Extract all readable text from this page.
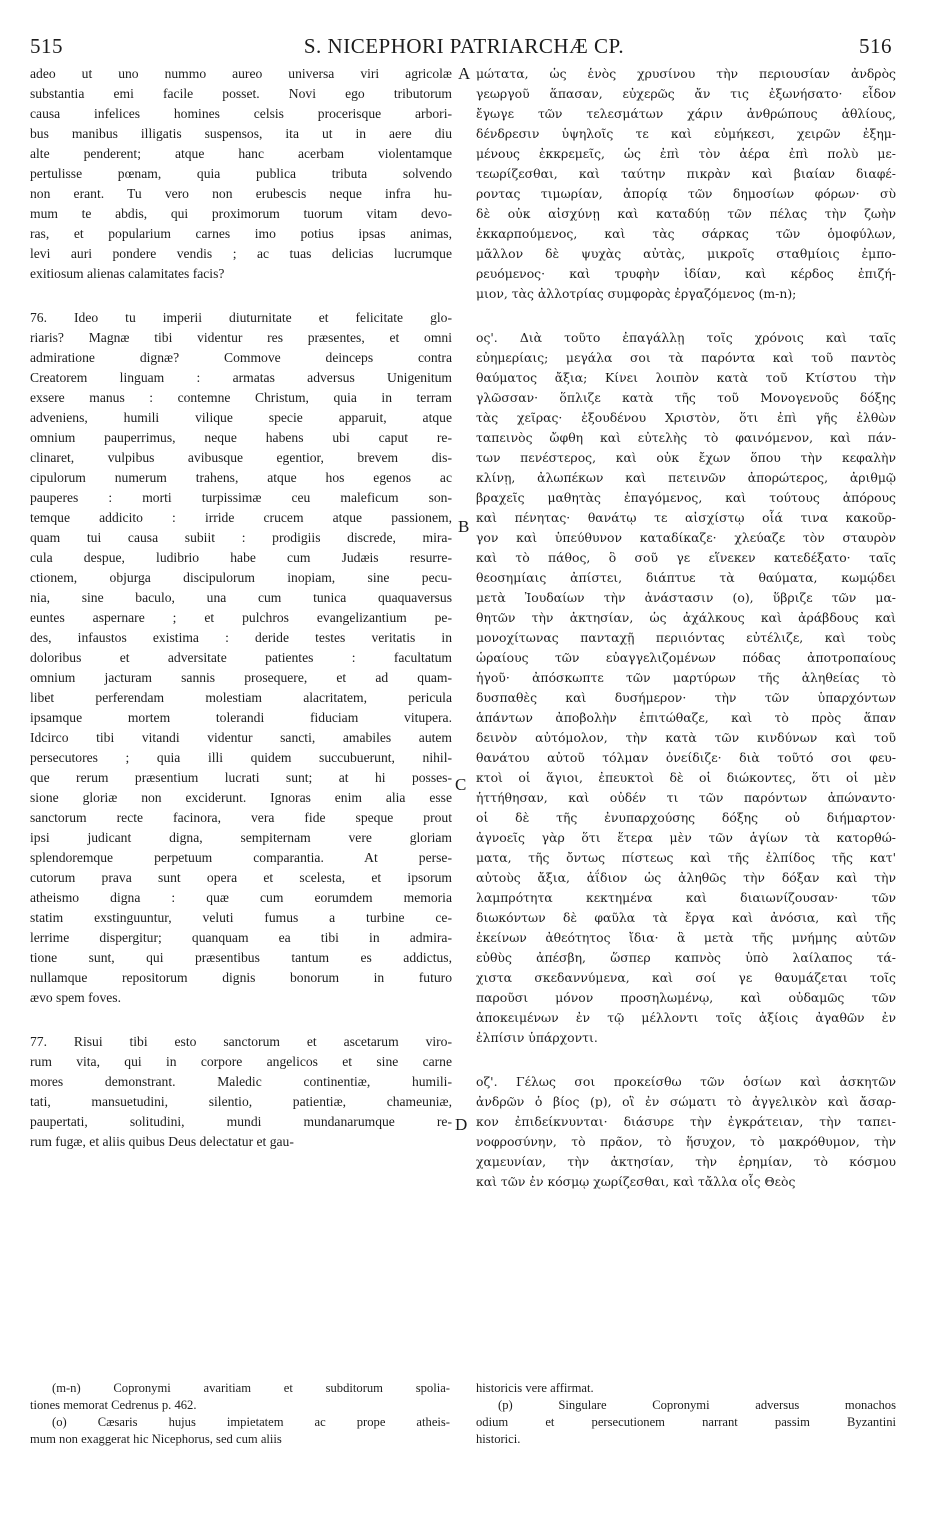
515	S. NICEPHORI PATRIARCHÆ CP.	516
A
B
C
D
adeo ut uno nummo aureo universa viri agricolæ
substantia emi facile posset. Novi ego tributorum
causa infelices homines celsis procerisque arbori-
bus manibus illigatis suspensos, ita ut in aere diu
alte penderent; atque hanc acerbam violentamque
pertulisse pœnam, quia publica tributa solvendo
non erant. Tu vero non erubescis neque infra hu-
mum te abdis, qui proximorum tuorum vitam devo-
ras, et popularium carnes imo potius ipsas animas,
levi auri pondere vendis ; ac tuas delicias lucrumque
exitiosum alienas calamitates facis?
76. Ideo tu imperii diuturnitate et felicitate glo-
riaris? Magnæ tibi videntur res præsentes, et omni
admiratione dignæ? Commove deinceps contra
Creatorem linguam : armatas adversus Unigenitum
exsere manus : contemne Christum, quia in terram
adveniens, humili vilique specie apparuit, atque
omnium pauperrimus, neque habens ubi caput re-
clinaret, vulpibus avibusque egentior, brevem dis-
cipulorum numerum trahens, atque hos egenos ac
pauperes : morti turpissimæ ceu maleficum son-
temque addicito : irride crucem atque passionem,
quam tui causa subiit : prodigiis discrede, mira-
cula despue, ludibrio habe cum Judæis resurre-
ctionem, objurga discipulorum inopiam, sine pecu-
nia, sine baculo, una cum tunica quaquaversus
euntes aspernare ; et pulchros evangelizantium pe-
des, infaustos existima : deride testes veritatis in
doloribus et adversitate patientes : facultatum
omnium jacturam sannis prosequere, et ad quam-
libet perferendam molestiam alacritatem, pericula
ipsamque mortem tolerandi fiduciam vitupera.
Idcirco tibi vitandi videntur sancti, amabiles autem
persecutores ; quia illi quidem succubuerunt, nihil-
que rerum præsentium lucrati sunt; at hi posses-
sione gloriæ non exciderunt. Ignoras enim alia esse
sanctorum recte facinora, vera fide speque prout
ipsi judicant digna, sempiternam vere gloriam
splendoremque perpetuum comparantia. At perse-
cutorum prava sunt opera et scelesta, et ipsorum
atheismo digna : quæ cum eorumdem memoria
statim exstinguuntur, veluti fumus a turbine ce-
lerrime dispergitur; quanquam ea tibi in admira-
tione sunt, qui præsentibus tantum es addictus,
nullamque repositorum dignis bonorum in futuro
ævo spem foves.
77. Risui tibi esto sanctorum et ascetarum viro-
rum vita, qui in corpore angelicos et sine carne
mores demonstrant. Maledic continentiæ, humili-
tati, mansuetudini, silentio, patientiæ, chameuniæ,
paupertati, solitudini, mundi mundanarumque re-
rum fugæ, et aliis quibus Deus delectatur et gau-
μώτατα, ὡς ἑνὸς χρυσίνου τὴν περιουσίαν ἀνδρὸς
γεωργοῦ ἅπασαν, εὐχερῶς ἄν τις ἐξωνήσατο· εἶδον
ἔγωγε τῶν τελεσμάτων χάριν ἀνθρώπους ἀθλίους,
δένδρεσιν ὑψηλοῖς τε καὶ εὐμήκεσι, χειρῶν ἐξημ-
μένους ἐκκρεμεῖς, ὡς ἐπὶ τὸν ἀέρα ἐπὶ πολὺ με-
τεωρίζεσθαι, καὶ ταύτην πικρὰν καὶ βιαίαν διαφέ-
ροντας τιμωρίαν, ἀπορίᾳ τῶν δημοσίων φόρων· σὺ
δὲ οὐκ αἰσχύνῃ καὶ καταδύῃ τῶν πέλας τὴν ζωὴν
ἐκκαρπούμενος, καὶ τὰς σάρκας τῶν ὁμοφύλων,
μᾶλλον δὲ ψυχὰς αὐτὰς, μικροῖς σταθμίοις ἐμπο-
ρευόμενος· καὶ τρυφὴν ἰδίαν, καὶ κέρδος ἐπιζή-
μιον, τὰς ἀλλοτρίας συμφορὰς ἐργαζόμενος (m-n);
ος'. Διὰ τοῦτο ἐπαγάλλῃ τοῖς χρόνοις καὶ ταῖς
εὐημερίαις; μεγάλα σοι τὰ παρόντα καὶ τοῦ παντὸς
θαύματος ἄξια; Κίνει λοιπὸν κατὰ τοῦ Κτίστου τὴν
γλῶσσαν· ὅπλιζε κατὰ τῆς τοῦ Μονογενοῦς δόξης
τὰς χεῖρας· ἐξουδένου Χριστὸν, ὅτι ἐπὶ γῆς ἐλθὼν
ταπεινὸς ὤφθη καὶ εὐτελὴς τὸ φαινόμενον, καὶ πάν-
των πενέστερος, καὶ οὐκ ἔχων ὅπου τὴν κεφαλὴν
κλίνῃ, ἀλωπέκων καὶ πετεινῶν ἀπορώτερος, ἀριθμῷ
βραχεῖς μαθητὰς ἐπαγόμενος, καὶ τούτους ἀπόρους
καὶ πένητας· θανάτῳ τε αἰσχίστῳ οἷά τινα κακοῦρ-
γον καὶ ὑπεύθυνον καταδίκαζε· χλεύαζε τὸν σταυρὸν
καὶ τὸ πάθος, ὃ σοῦ γε εἵνεκεν κατεδέξατο· ταῖς
θεοσημίαις ἀπίστει, διάπτυε τὰ θαύματα, κωμῴδει
μετὰ Ἰουδαίων τὴν ἀνάστασιν (o), ὕβριζε τῶν μα-
θητῶν τὴν ἀκτησίαν, ὡς ἀχάλκους καὶ ἀράβδους καὶ
μονοχίτωνας πανταχῇ περιιόντας εὐτέλιζε, καὶ τοὺς
ὡραίους τῶν εὐαγγελιζομένων πόδας ἀποτροπαίους
ἡγοῦ· ἀπόσκωπτε τῶν μαρτύρων τῆς ἀληθείας τὸ
δυσπαθὲς καὶ δυσήμερον· τὴν τῶν ὑπαρχόντων
ἁπάντων ἀποβολὴν ἐπιτώθαζε, καὶ τὸ πρὸς ἅπαν
δεινὸν αὐτόμολον, τὴν κατὰ τῶν κινδύνων καὶ τοῦ
θανάτου αὐτοῦ τόλμαν ὀνείδιζε· διὰ τοῦτό σοι φευ-
κτοὶ οἱ ἅγιοι, ἐπευκτοὶ δὲ οἱ διώκοντες, ὅτι οἱ μὲν
ἡττήθησαν, καὶ οὐδέν τι τῶν παρόντων ἀπώναντο·
οἱ δὲ τῆς ἐνυπαρχούσης δόξης οὐ διήμαρτον·
ἀγνοεῖς γὰρ ὅτι ἕτερα μὲν τῶν ἁγίων τὰ κατορθώ-
ματα, τῆς ὄντως πίστεως καὶ τῆς ἐλπίδος τῆς κατ'
αὐτοὺς ἄξια, ἀΐδιον ὡς ἀληθῶς τὴν δόξαν καὶ τὴν
λαμπρότητα κεκτημένα καὶ διαιωνίζουσαν· τῶν
διωκόντων δὲ φαῦλα τὰ ἔργα καὶ ἀνόσια, καὶ τῆς
ἐκείνων ἀθεότητος ἴδια· ἃ μετὰ τῆς μνήμης αὐτῶν
εὐθὺς ἀπέσβη, ὥσπερ καπνὸς ὑπὸ λαίλαπος τά-
χιστα σκεδαννύμενα, καὶ σοί γε θαυμάζεται τοῖς
παροῦσι μόνον προσηλωμένῳ, καὶ οὐδαμῶς τῶν
ἀποκειμένων ἐν τῷ μέλλοντι τοῖς ἀξίοις ἀγαθῶν ἐν
ἐλπίσιν ὑπάρχοντι.
οζ'. Γέλως σοι προκείσθω τῶν ὁσίων καὶ ἀσκητῶν
ἀνδρῶν ὁ βίος (p), οἳ ἐν σώματι τὸ ἀγγελικὸν καὶ ἄσαρ-
κον ἐπιδείκνυνται· διάσυρε τὴν ἐγκράτειαν, τὴν ταπει-
νοφροσύνην, τὸ πρᾶον, τὸ ἥσυχον, τὸ μακρόθυμον, τὴν
χαμευνίαν, τὴν ἀκτησίαν, τὴν ἐρημίαν, τὸ κόσμου
καὶ τῶν ἐν κόσμῳ χωρίζεσθαι, καὶ τἄλλα οἷς Θεὸς
(m-n) Copronymi avaritiam et subditorum spolia-
tiones memorat Cedrenus p. 462.
(o) Cæsaris hujus impietatem ac prope atheis-
mum non exaggerat hic Nicephorus, sed cum aliis
historicis vere affirmat.
(p) Singulare Copronymi adversus monachos
odium et persecutionem narrant passim Byzantini
historici.
